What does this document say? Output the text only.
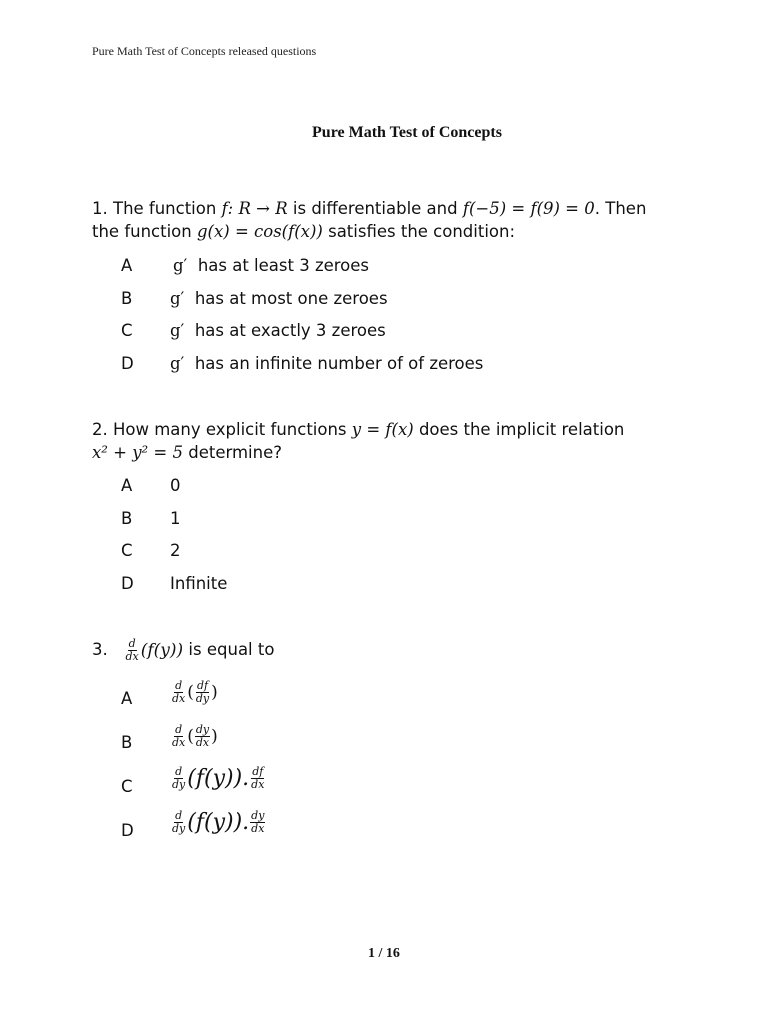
Pure Math Test of Concepts released questions
Pure Math Test of Concepts
1. The function f: R → R is differentiable and f(−5) = f(9) = 0. Then
the function g(x) = cos(f(x)) satisfies the condition:
A g′ has at least 3 zeroes
B g′ has at most one zeroes
C g′ has at exactly 3 zeroes
D g′ has an infinite number of of zeroes
2. How many explicit functions y = f(x) does the implicit relation
x² + y² = 5 determine?
A 0
B 1
C 2
D Infinite
3. $\frac{d}{dx} (f(y))$ is equal to
A	$\frac{d}{dx}$ ( $\frac{df}{dy}$ )
B	$\frac{d}{dx}$ ( $\frac{dy}{dx}$ )
C	$\frac{d}{dy} (f(y))$. $\frac{df}{dx}$
D	$\frac{d}{dy} (f(y))$. $\frac{dy}{dx}$
1 / 16
